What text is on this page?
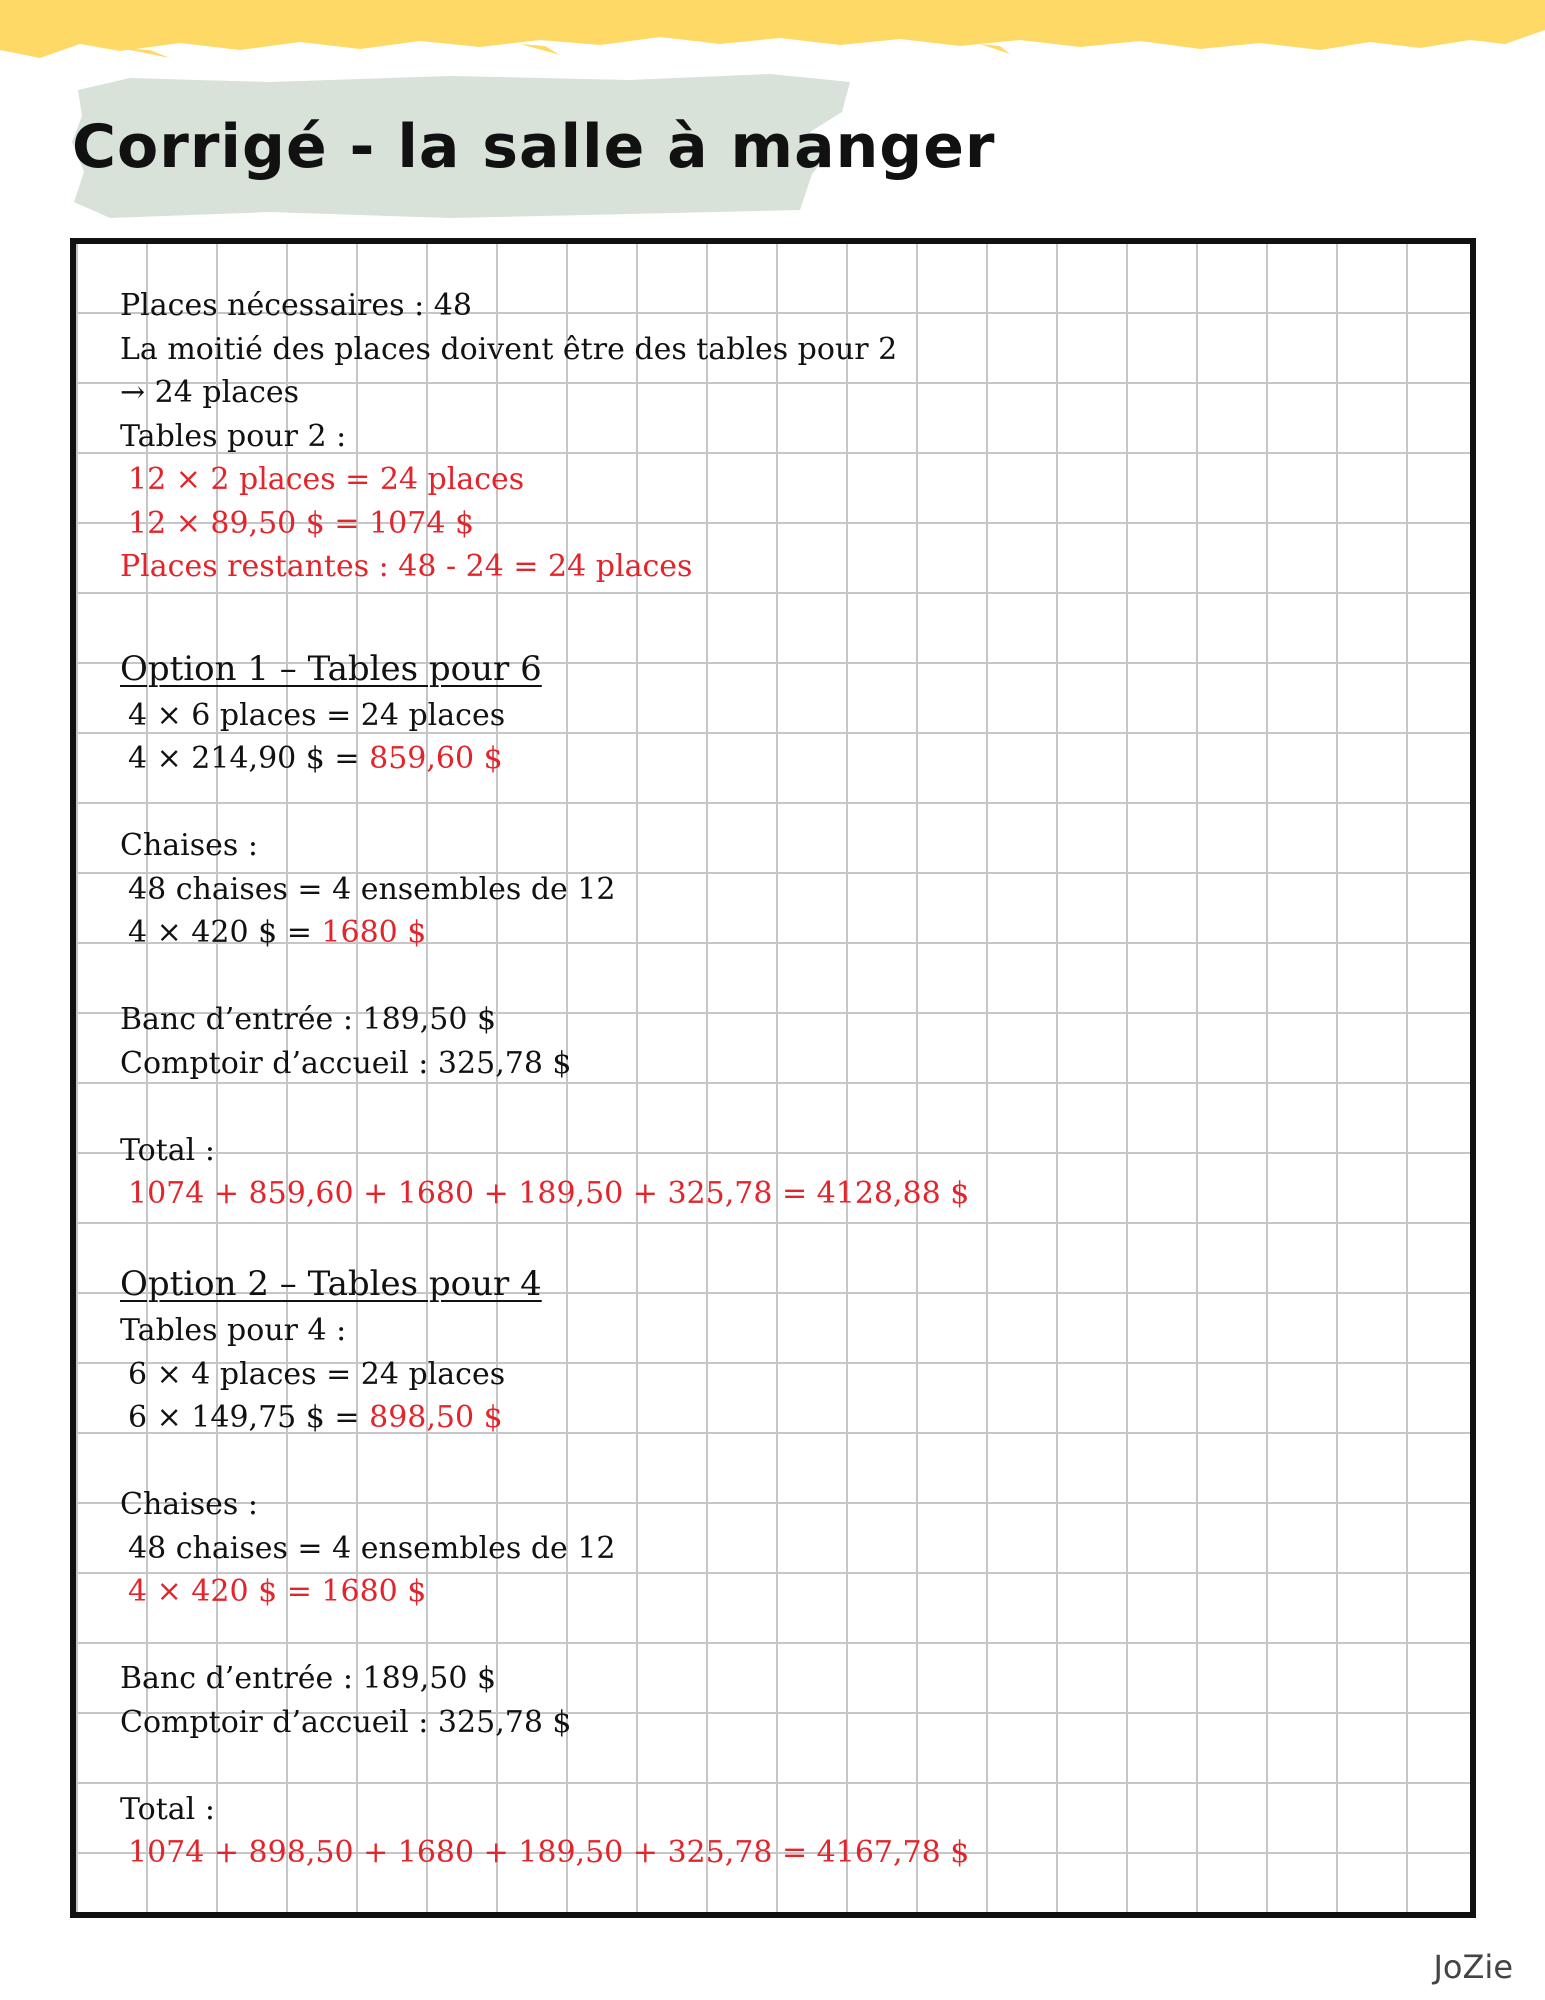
Corrigé - la salle à manger
Places nécessaires : 48
La moitié des places doivent être des tables pour 2
→ 24 places
Tables pour 2 :
12 × 2 places = 24 places
12 × 89,50 $ = 1074 $
Places restantes : 48 - 24 = 24 places
Option 1 – Tables pour 6
4 × 6 places = 24 places
4 × 214,90 $ = 859,60 $
Chaises :
48 chaises = 4 ensembles de 12
4 × 420 $ = 1680 $
Banc d’entrée : 189,50 $
Comptoir d’accueil : 325,78 $
Total :
1074 + 859,60 + 1680 + 189,50 + 325,78 = 4128,88 $
Option 2 – Tables pour 4
Tables pour 4 :
6 × 4 places = 24 places
6 × 149,75 $ = 898,50 $
Chaises :
48 chaises = 4 ensembles de 12
4 × 420 $ = 1680 $
Banc d’entrée : 189,50 $
Comptoir d’accueil : 325,78 $
Total :
1074 + 898,50 + 1680 + 189,50 + 325,78 = 4167,78 $
JoZie
